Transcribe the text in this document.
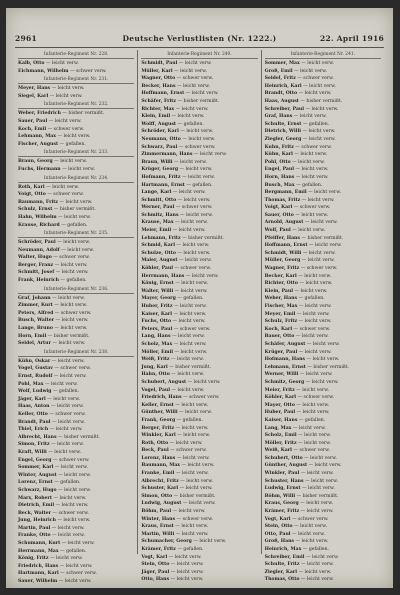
2961	Deutsche Verlustlisten (Nr. 1222.)	22. April 1916
Infanterie-Regiment Nr. 228.
Kalb, Otto — leicht verw.
Eichmann, Wilhelm — schwer verw.
Infanterie-Regiment Nr. 231.
Meyer, Hans — leicht verw.
Siegel, Karl — leicht verw.
Infanterie-Regiment Nr. 232.
Weber, Friedrich — bisher vermißt.
Sauer, Paul — leicht verw.
Koch, Emil — schwer verw.
Lehmann, Max — leicht verw.
Fischer, August — gefallen.
Infanterie-Regiment Nr. 233.
Braun, Georg — leicht verw.
Fuchs, Hermann — leicht verw.
Infanterie-Regiment Nr. 234.
Roth, Karl — leicht verw.
Voigt, Otto — schwer verw.
Baumann, Fritz — leicht verw.
Schulz, Ernst — bisher vermißt.
Hahn, Wilhelm — leicht verw.
Krause, Richard — gefallen.
Infanterie-Regiment Nr. 235.
Schröder, Paul — leicht verw.
Neumann, Adolf — leicht verw.
Walter, Hugo — schwer verw.
Berger, Franz — leicht verw.
Schmitt, Josef — leicht verw.
Frank, Heinrich — gefallen.
Infanterie-Regiment Nr. 236.
Graf, Johann — leicht verw.
Zimmer, Kurt — leicht verw.
Peters, Alfred — schwer verw.
Busch, Walter — leicht verw.
Lange, Bruno — leicht verw.
Horn, Emil — bisher vermißt.
Seidel, Artur — leicht verw.
Infanterie-Regiment Nr. 238.
Kühn, Oskar — leicht verw.
Vogel, Gustav — schwer verw.
Ernst, Rudolf — leicht verw.
Pohl, Max — leicht verw.
Wolf, Ludwig — gefallen.
Jäger, Karl — leicht verw.
Haas, Anton — leicht verw.
Keller, Otto — schwer verw.
Brandt, Paul — leicht verw.
Thiel, Erich — leicht verw.
Albrecht, Hans — bisher vermißt.
Simon, Fritz — leicht verw.
Kraft, Willi — leicht verw.
Engel, Georg — schwer verw.
Sommer, Karl — leicht verw.
Winter, August — leicht verw.
Lorenz, Ernst — gefallen.
Schwarz, Hugo — leicht verw.
Marx, Robert — leicht verw.
Dietrich, Emil — leicht verw.
Beck, Walter — schwer verw.
Jung, Heinrich — leicht verw.
Martin, Paul — leicht verw.
Franke, Otto — leicht verw.
Schumann, Kurt — leicht verw.
Herrmann, Max — gefallen.
König, Fritz — leicht verw.
Friedrich, Hans — leicht verw.
Hartmann, Karl — schwer verw.
Sauer, Wilhelm — leicht verw.
Infanterie-Regiment Nr. 240.
Schmidt, Paul — leicht verw.
Müller, Karl — leicht verw.
Wagner, Otto — schwer verw.
Becker, Hans — leicht verw.
Hoffmann, Ernst — leicht verw.
Schäfer, Fritz — bisher vermißt.
Richter, Max — leicht verw.
Klein, Emil — leicht verw.
Wolff, August — gefallen.
Schröder, Karl — leicht verw.
Neumann, Otto — leicht verw.
Schwarz, Paul — schwer verw.
Zimmermann, Hans — leicht verw.
Braun, Willi — leicht verw.
Krüger, Georg — leicht verw.
Hofmann, Fritz — leicht verw.
Hartmann, Ernst — gefallen.
Lange, Karl — leicht verw.
Schmitt, Otto — leicht verw.
Werner, Paul — schwer verw.
Schmitz, Hans — leicht verw.
Krause, Max — leicht verw.
Meier, Emil — leicht verw.
Lehmann, Fritz — bisher vermißt.
Schmid, Karl — leicht verw.
Schulze, Otto — leicht verw.
Maier, August — leicht verw.
Köhler, Paul — schwer verw.
Herrmann, Hans — leicht verw.
König, Ernst — leicht verw.
Walter, Willi — leicht verw.
Mayer, Georg — gefallen.
Huber, Fritz — leicht verw.
Kaiser, Karl — leicht verw.
Fuchs, Otto — leicht verw.
Peters, Paul — schwer verw.
Lang, Hans — leicht verw.
Scholz, Max — leicht verw.
Möller, Emil — leicht verw.
Weiß, Fritz — leicht verw.
Jung, Karl — bisher vermißt.
Hahn, Otto — leicht verw.
Schubert, August — leicht verw.
Vogel, Paul — leicht verw.
Friedrich, Hans — schwer verw.
Keller, Ernst — leicht verw.
Günther, Willi — leicht verw.
Frank, Georg — gefallen.
Berger, Fritz — leicht verw.
Winkler, Karl — leicht verw.
Roth, Otto — leicht verw.
Beck, Paul — schwer verw.
Lorenz, Hans — leicht verw.
Baumann, Max — leicht verw.
Franke, Emil — leicht verw.
Albrecht, Fritz — leicht verw.
Schuster, Karl — leicht verw.
Simon, Otto — bisher vermißt.
Ludwig, August — leicht verw.
Böhm, Paul — leicht verw.
Winter, Hans — schwer verw.
Kraus, Ernst — leicht verw.
Martin, Willi — leicht verw.
Schumacher, Georg — leicht verw.
Krämer, Fritz — gefallen.
Vogt, Karl — leicht verw.
Stein, Otto — leicht verw.
Jäger, Paul — leicht verw.
Otto, Hans — leicht verw.
Infanterie-Regiment Nr. 241.
Sommer, Max — leicht verw.
Groß, Emil — leicht verw.
Seidel, Fritz — schwer verw.
Heinrich, Karl — leicht verw.
Brandt, Otto — leicht verw.
Haas, August — bisher vermißt.
Schreiber, Paul — leicht verw.
Graf, Hans — leicht verw.
Schulte, Ernst — gefallen.
Dietrich, Willi — leicht verw.
Ziegler, Georg — leicht verw.
Kuhn, Fritz — schwer verw.
Kühn, Karl — leicht verw.
Pohl, Otto — leicht verw.
Engel, Paul — leicht verw.
Horn, Hans — leicht verw.
Busch, Max — gefallen.
Bergmann, Emil — leicht verw.
Thomas, Fritz — leicht verw.
Voigt, Karl — schwer verw.
Sauer, Otto — leicht verw.
Arnold, August — leicht verw.
Wolf, Paul — leicht verw.
Pfeiffer, Hans — bisher vermißt.
Hoffmann, Ernst — leicht verw.
Schmidt, Willi — leicht verw.
Müller, Georg — leicht verw.
Wagner, Fritz — schwer verw.
Becker, Karl — leicht verw.
Richter, Otto — leicht verw.
Klein, Paul — leicht verw.
Weber, Hans — gefallen.
Fischer, Max — leicht verw.
Meyer, Emil — leicht verw.
Schulz, Fritz — leicht verw.
Koch, Karl — schwer verw.
Bauer, Otto — leicht verw.
Schäfer, August — leicht verw.
Krüger, Paul — leicht verw.
Hofmann, Hans — leicht verw.
Lehmann, Ernst — bisher vermißt.
Werner, Willi — leicht verw.
Schmitz, Georg — leicht verw.
Meier, Fritz — leicht verw.
Köhler, Karl — schwer verw.
Mayer, Otto — leicht verw.
Huber, Paul — leicht verw.
Kaiser, Hans — gefallen.
Lang, Max — leicht verw.
Scholz, Emil — leicht verw.
Möller, Fritz — leicht verw.
Weiß, Karl — schwer verw.
Schubert, Otto — leicht verw.
Günther, August — leicht verw.
Winkler, Paul — leicht verw.
Schuster, Hans — leicht verw.
Ludwig, Ernst — leicht verw.
Böhm, Willi — bisher vermißt.
Kraus, Georg — leicht verw.
Krämer, Fritz — leicht verw.
Vogt, Karl — schwer verw.
Stein, Otto — leicht verw.
Otto, Paul — leicht verw.
Groß, Hans — leicht verw.
Heinrich, Max — gefallen.
Schreiber, Emil — leicht verw.
Schulte, Fritz — leicht verw.
Ziegler, Karl — leicht verw.
Thomas, Otto — leicht verw.
